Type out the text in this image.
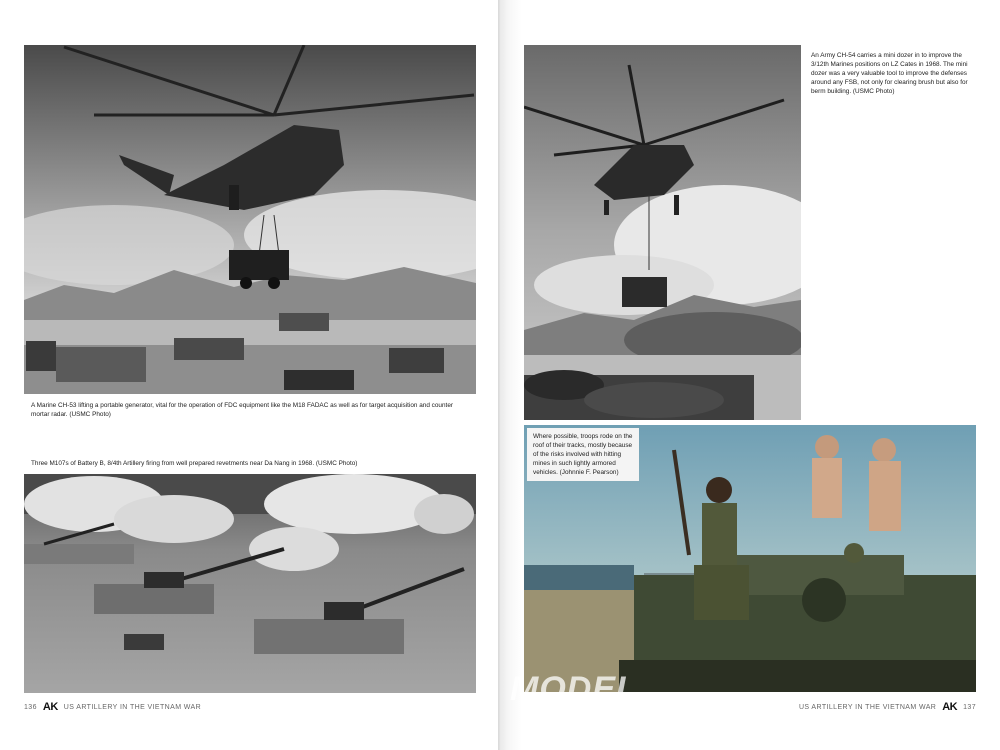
A Marine CH-53 lifting a portable generator, vital for the operation of FDC equipment like the M18 FADAC as well as for target acquisition and counter mortar radar. (USMC Photo)
Three M107s of Battery B, 8/4th Artillery firing from well prepared revetments near Da Nang in 1968. (USMC Photo)
136 AK US ARTILLERY IN THE VIETNAM WAR
An Army CH-54 carries a mini dozer in to improve the 3/12th Marines positions on LZ Cates in 1968. The mini dozer was a very valuable tool to improve the defenses around any FSB, not only for clearing brush but also for berm building. (USMC Photo)
Where possible, troops rode on the roof of their tracks, mostly because of the risks involved with hitting mines in such lightly armored vehicles. (Johnnie F. Pearson)
MODEL	US ARTILLERY IN THE VIETNAM WAR AK 137
